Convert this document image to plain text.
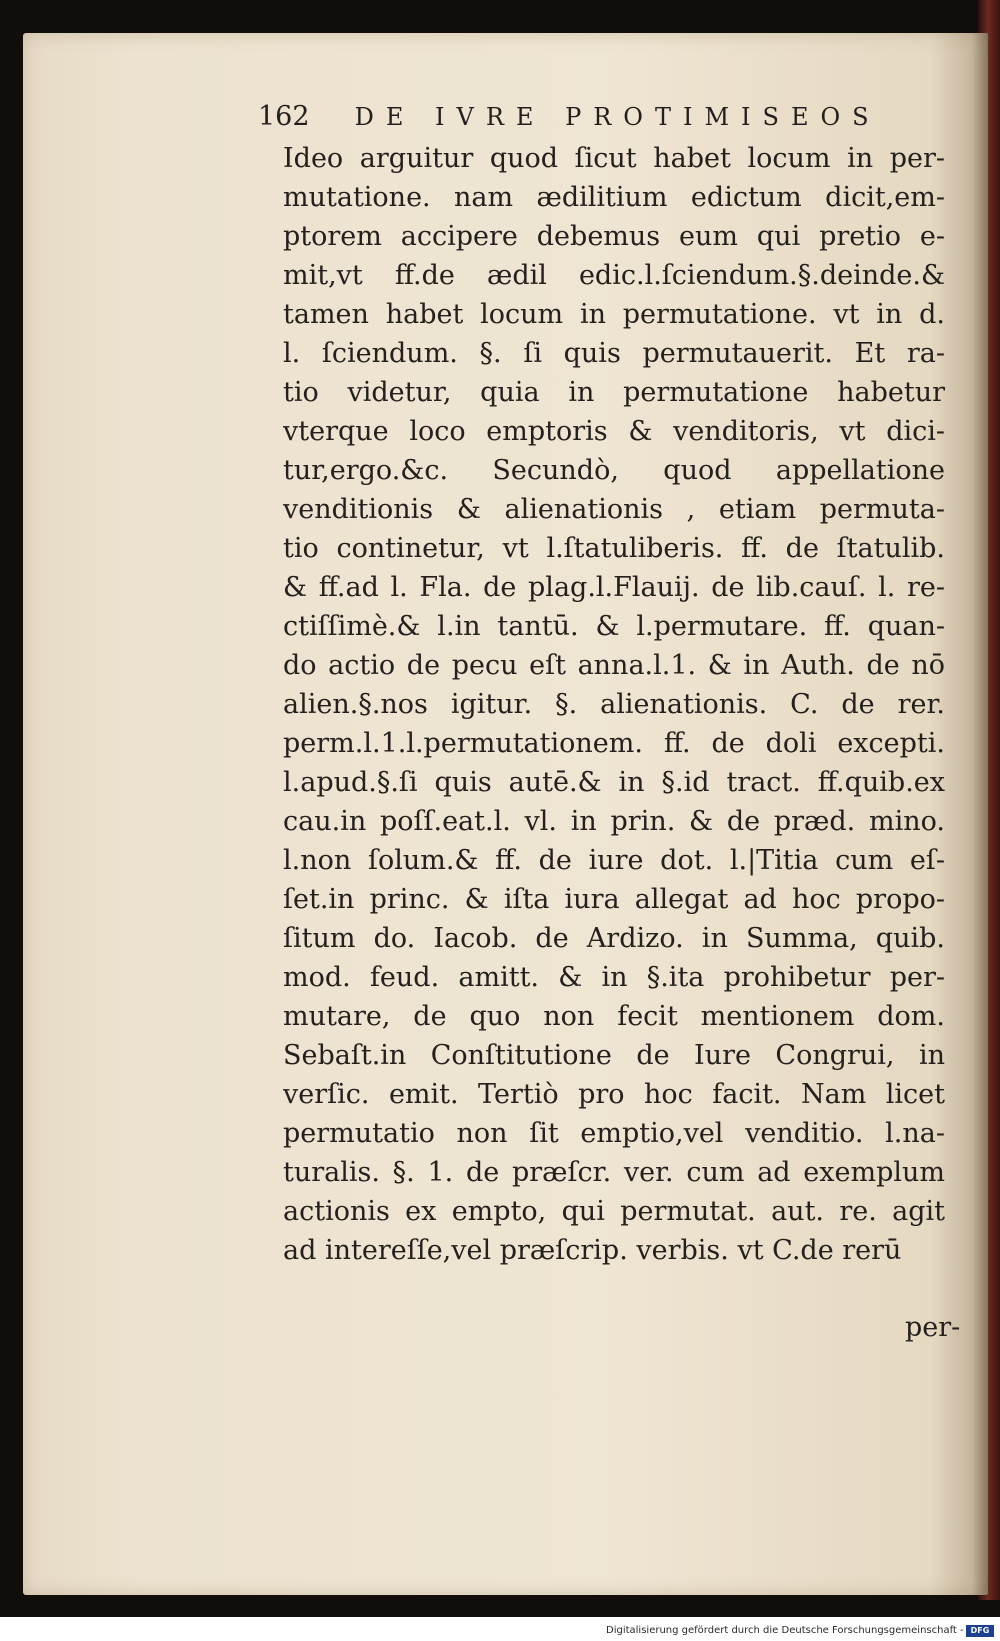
162 DE IVRE PROTIMISEOS
Ideo arguitur quod ſicut habet locum in per-
mutatione. nam ædilitium edictum dicit,em-
ptorem accipere debemus eum qui pretio e-
mit,vt ff.de ædil edic.l.ſciendum.§.deinde.&
tamen habet locum in permutatione. vt in d.
l. ſciendum. §. ſi quis permutauerit. Et ra-
tio videtur, quia in permutatione habetur
vterque loco emptoris & venditoris, vt dici-
tur,ergo.&c. Secundò, quod appellatione
venditionis & alienationis , etiam permuta-
tio continetur, vt l.ſtatuliberis. ff. de ſtatulib.
& ff.ad l. Fla. de plag.l.Flauij. de lib.cauſ. l. re-
ctiſſimè.& l.in tantū. & l.permutare. ff. quan-
do actio de pecu eſt anna.l.1. & in Auth. de nō
alien.§.nos igitur. §. alienationis. C. de rer.
perm.l.1.l.permutationem. ff. de doli excepti.
l.apud.§.ſi quis autē.& in §.id tract. ff.quib.ex
cau.in poſſ.eat.l. vl. in prin. & de præd. mino.
l.non ſolum.& ff. de iure dot. l.|Titia cum eſ-
ſet.in princ. & iſta iura allegat ad hoc propo-
ſitum do. Iacob. de Ardizo. in Summa, quib.
mod. feud. amitt. & in §.ita prohibetur per-
mutare, de quo non fecit mentionem dom.
Sebaſt.in Conſtitutione de Iure Congrui, in
verſic. emit. Tertiò pro hoc facit. Nam licet
permutatio non ſit emptio,vel venditio. l.na-
turalis. §. 1. de præſcr. ver. cum ad exemplum
actionis ex empto, qui permutat. aut. re. agit
ad intereſſe,vel præſcrip. verbis. vt C.de rerū
per-
Digitalisierung gefördert durch die Deutsche Forschungsgemeinschaft - DFG
